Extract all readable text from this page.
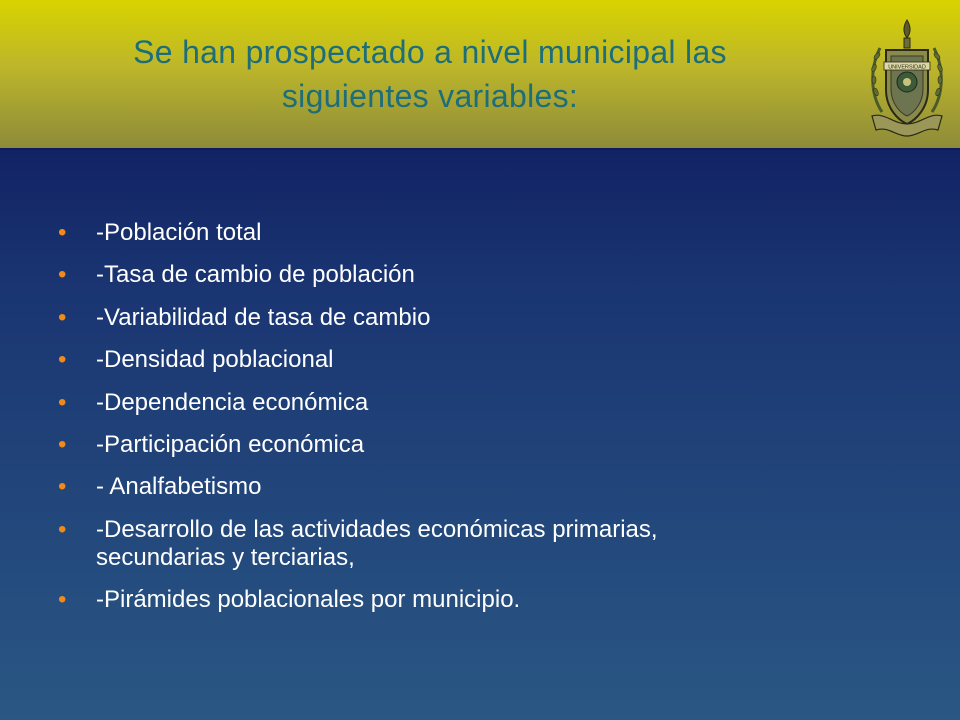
Se han prospectado a nivel municipal las
siguientes variables:
UNIVERSIDAD
• -Población total
• -Tasa de cambio de población
• -Variabilidad de tasa de cambio
• -Densidad poblacional
• -Dependencia económica
• -Participación económica
• - Analfabetismo
• -Desarrollo de las actividades económicas primarias,
secundarias y terciarias,
• -Pirámides poblacionales por municipio.
